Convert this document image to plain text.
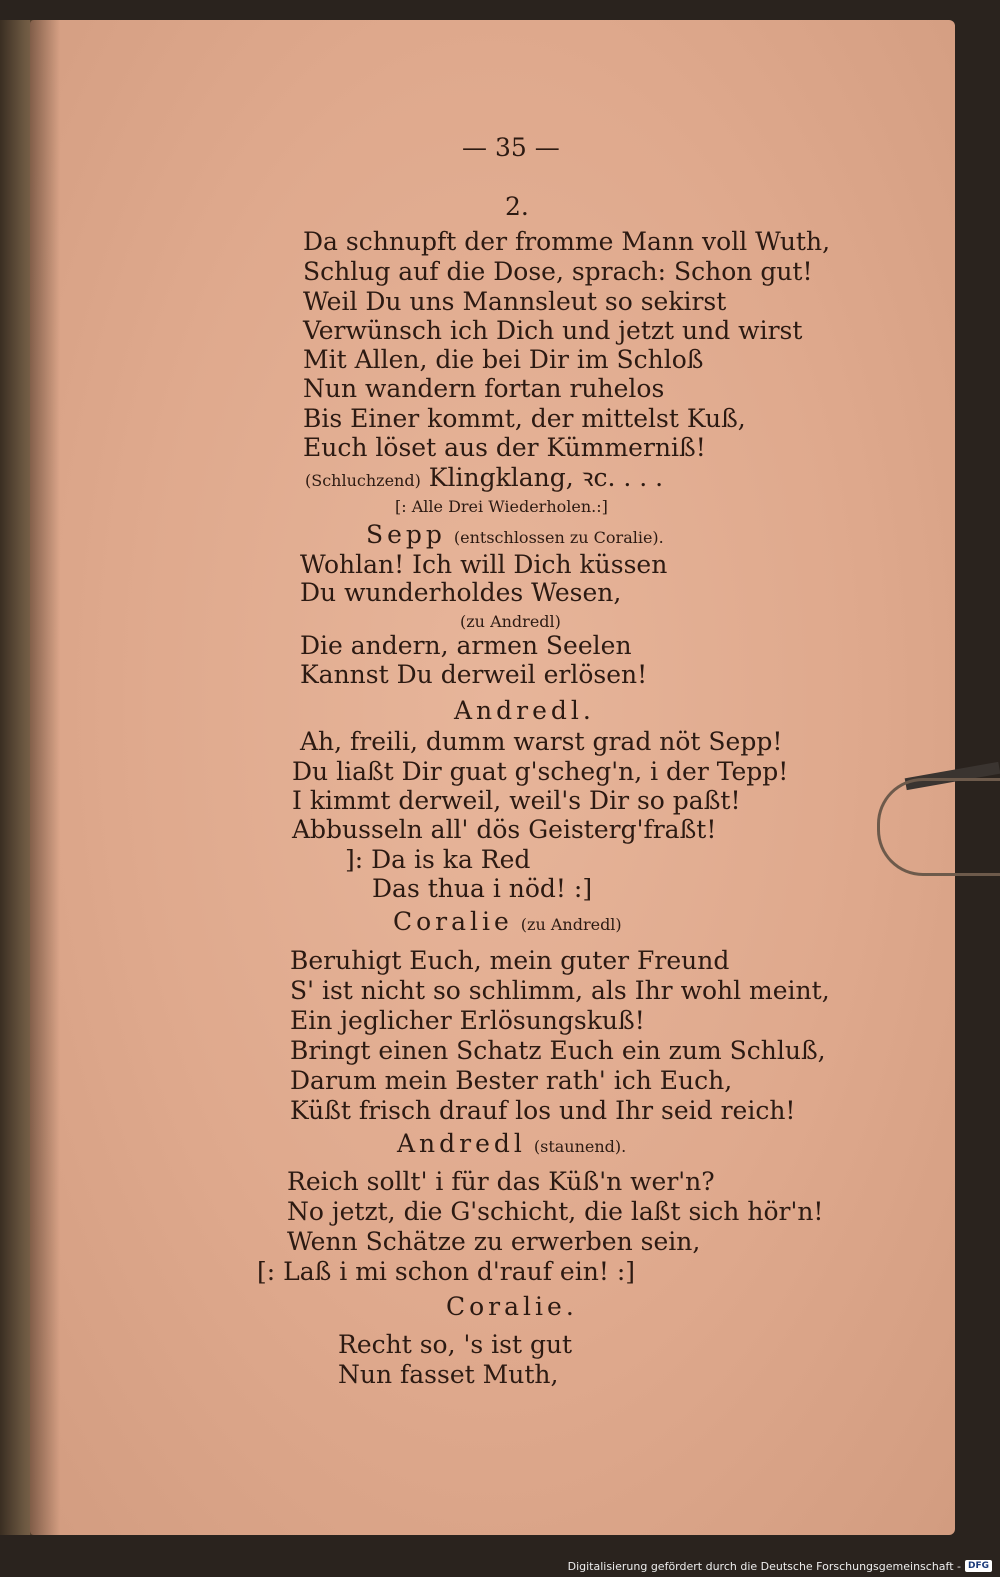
— 35 —
2.
Da schnupft der fromme Mann voll Wuth,
Schlug auf die Dose, sprach: Schon gut!
Weil Du uns Mannsleut so sekirst
Verwünsch ich Dich und jetzt und wirst
Mit Allen, die bei Dir im Schloß
Nun wandern fortan ruhelos
Bis Einer kommt, der mittelst Kuß,
Euch löset aus der Kümmerniß!
(Schluchzend) Klingklang, ꝛc. . . .
[: Alle Drei Wiederholen.:]
Sepp (entschlossen zu Coralie).
Wohlan! Ich will Dich küssen
Du wunderholdes Wesen,
(zu Andredl)
Die andern, armen Seelen
Kannst Du derweil erlösen!
Andredl.
Ah, freili, dumm warst grad nöt Sepp!
Du liaßt Dir guat g'scheg'n, i der Tepp!
I kimmt derweil, weil's Dir so paßt!
Abbusseln all' dös Geisterg'fraßt!
]: Da is ka Red
Das thua i nöd! :]
Coralie (zu Andredl)
Beruhigt Euch, mein guter Freund
S' ist nicht so schlimm, als Ihr wohl meint,
Ein jeglicher Erlösungskuß!
Bringt einen Schatz Euch ein zum Schluß,
Darum mein Bester rath' ich Euch,
Küßt frisch drauf los und Ihr seid reich!
Andredl (staunend).
Reich sollt' i für das Küß'n wer'n?
No jetzt, die G'schicht, die laßt sich hör'n!
Wenn Schätze zu erwerben sein,
[: Laß i mi schon d'rauf ein! :]
Coralie.
Recht so, 's ist gut
Nun fasset Muth,
Digitalisierung gefördert durch die Deutsche Forschungsgemeinschaft - DFG
